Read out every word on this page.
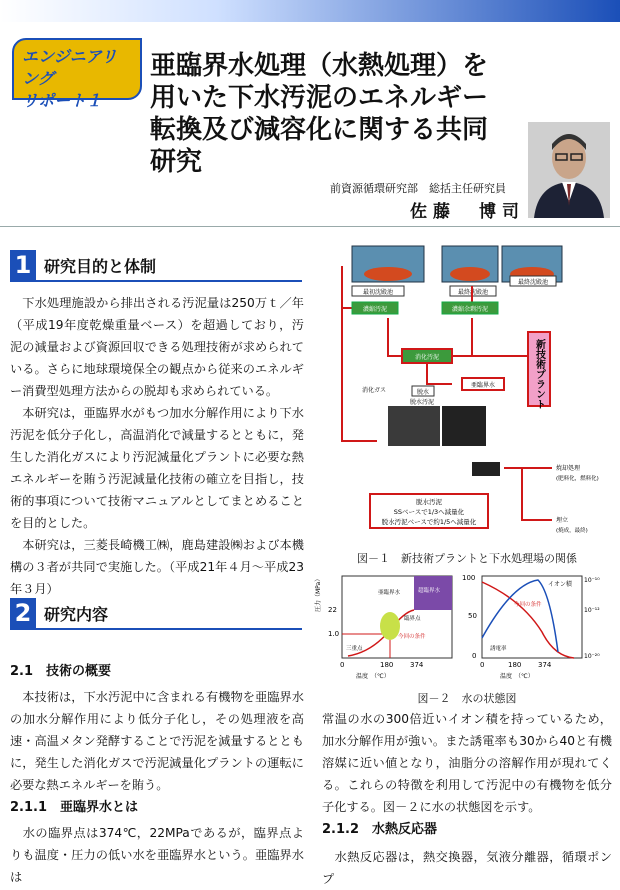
エンジニアリング
リポート１
亜臨界水処理（水熱処理）を
用いた下水汚泥のエネルギー
転換及び減容化に関する共同
研究
前資源循環研究部　総括主任研究員
佐藤　博司
1 研究目的と体制
　下水処理施設から排出される汚泥量は250万ｔ／年（平成19年度乾燥重量ベース）を超過しており，汚泥の減量および資源回収できる処理技術が求められている。さらに地球環境保全の観点から従来のエネルギー消費型処理方法からの脱却も求められている。
　本研究は，亜臨界水がもつ加水分解作用により下水汚泥を低分子化し，高温消化で減量するとともに，発生した消化ガスにより汚泥減量化プラントに必要な熱エネルギーを賄う汚泥減量化技術の確立を目指し，技術的事項について技術マニュアルとしてまとめることを目的とした。
　本研究は，三菱長崎機工㈱，鹿島建設㈱および本機構の３者が共同で実施した。（平成21年４月～平成23年３月）
2 研究内容
2.1　技術の概要
　本技術は，下水汚泥中に含まれる有機物を亜臨界水の加水分解作用により低分子化し，その処理液を高速・高温メタン発酵することで汚泥を減量するとともに，発生した消化ガスで汚泥減量化プラントの運転に必要な熱エネルギーを賄う。
2.1.1　亜臨界水とは
　水の臨界点は374℃，22MPaであるが，臨界点よりも温度・圧力の低い水を亜臨界水という。亜臨界水は
最初沈殿池	最終沈殿池
最終沈殿池
濃縮汚泥	濃縮余剰汚泥
消化汚泥	新技術プラント
亜臨界水
脱水
消化ガス
脱水汚泥
焼却処理
(肥料化，燃料化)
埋立
(焼成，最終)
脱水汚泥
SSベースで1/3へ減量化
脱水汚泥ベースで約1/5へ減量化
図－１　新技術プラントと下水処理場の関係
圧力（MPa） 22
1.0
0	180 374
温度　（℃）
亜臨界水	超臨界水
臨界点
三重点
今回の条件
100
50
0
10⁻¹⁰
10⁻¹²
10⁻²⁰
0	180 374
温度　（℃）
イオン積
今回の条件
誘電率
図－２　水の状態図
常温の水の300倍近いイオン積を持っているため，加水分解作用が強い。また誘電率も30から40と有機溶媒に近い値となり，油脂分の溶解作用が現れてくる。これらの特徴を利用して汚泥中の有機物を低分子化する。図－２に水の状態図を示す。
2.1.2　水熱反応器
　水熱反応器は，熱交換器，気液分離器，循環ポンプ
